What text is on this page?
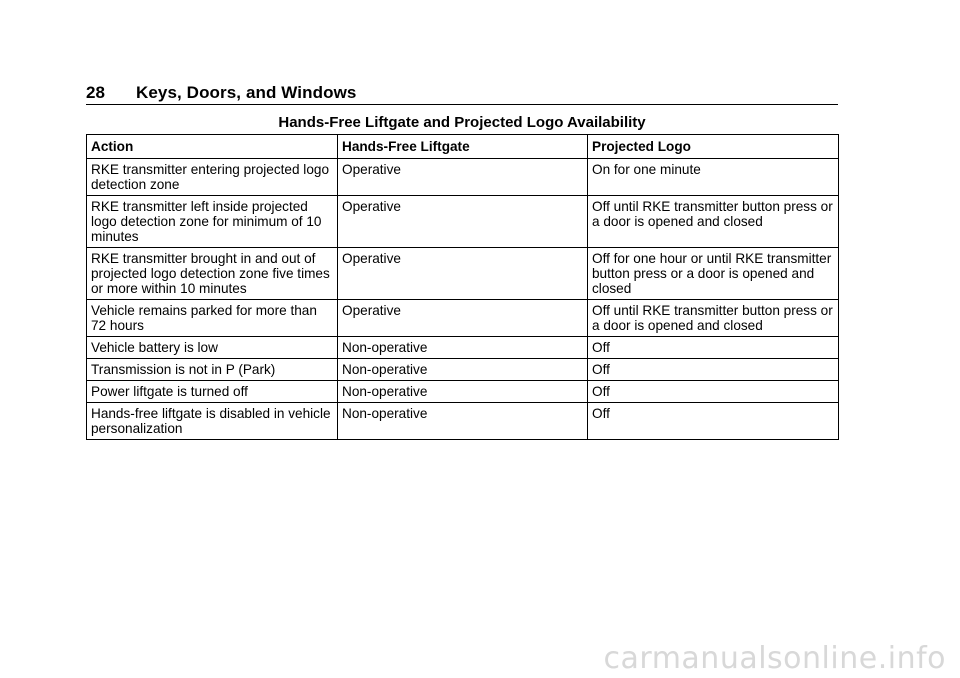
28	Keys, Doors, and Windows
Hands-Free Liftgate and Projected Logo Availability
Action	Hands-Free Liftgate	Projected Logo
RKE transmitter entering projected logo detection zone	Operative	On for one minute
RKE transmitter left inside projected logo detection zone for minimum of 10 minutes	Operative	Off until RKE transmitter button press or a door is opened and closed
RKE transmitter brought in and out of projected logo detection zone five times or more within 10 minutes	Operative	Off for one hour or until RKE transmitter button press or a door is opened and closed
Vehicle remains parked for more than 72 hours	Operative	Off until RKE transmitter button press or a door is opened and closed
Vehicle battery is low	Non-operative	Off
Transmission is not in P (Park)	Non-operative	Off
Power liftgate is turned off	Non-operative	Off
Hands-free liftgate is disabled in vehicle personalization	Non-operative	Off
carmanualsonline.info
